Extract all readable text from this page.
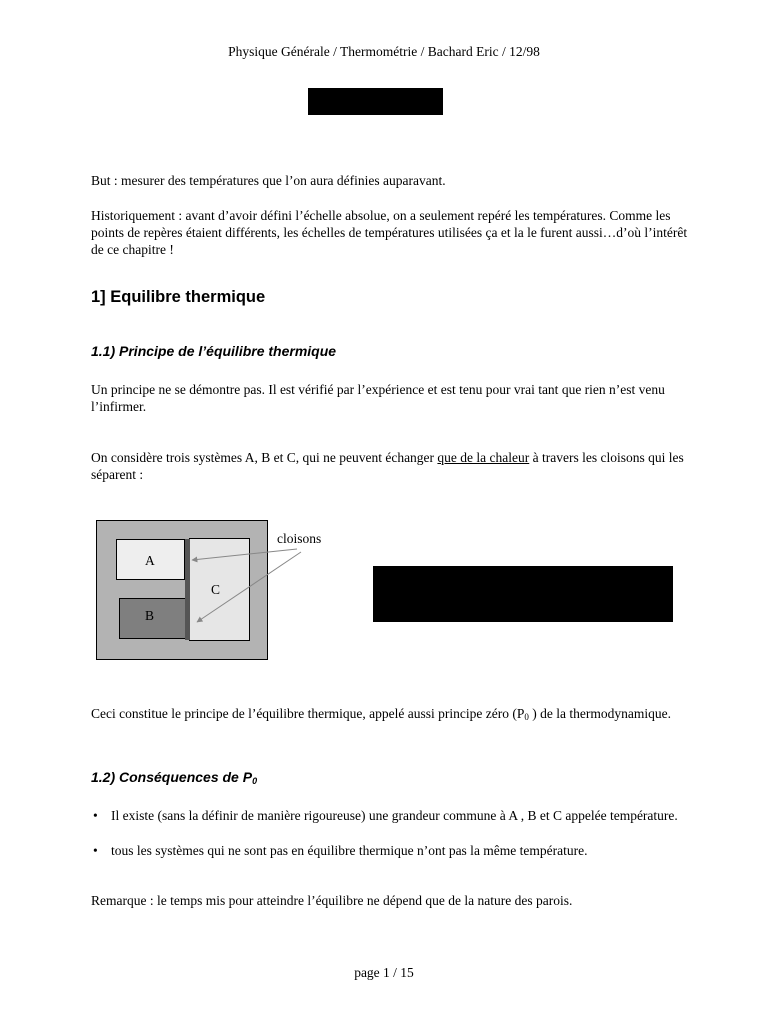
Physique Générale / Thermométrie / Bachard Eric / 12/98
But : mesurer des températures que l’on aura définies auparavant.
Historiquement : avant d’avoir défini l’échelle absolue, on a seulement repéré les températures. Comme les points de repères étaient différents, les échelles de températures utilisées ça et la le furent aussi…d’où l’intérêt de ce chapitre !
1] Equilibre thermique
1.1) Principe de l’équilibre thermique
Un principe ne se démontre pas. Il est vérifié par l’expérience et est tenu pour vrai tant que rien n’est venu l’infirmer.
On considère trois systèmes A, B et C, qui ne peuvent échanger que de la chaleur à travers les cloisons qui les séparent :
A
B
C
cloisons
Ceci constitue le principe de l’équilibre thermique, appelé aussi principe zéro ($P_0$ ) de la thermodynamique.
1.2) Conséquences de $P_0$
• Il existe (sans la définir de manière rigoureuse) une grandeur commune à A , B et C appelée température.
• tous les systèmes qui ne sont pas en équilibre thermique n’ont pas la même température.
Remarque : le temps mis pour atteindre l’équilibre ne dépend que de la nature des parois.
page 1 / 15
